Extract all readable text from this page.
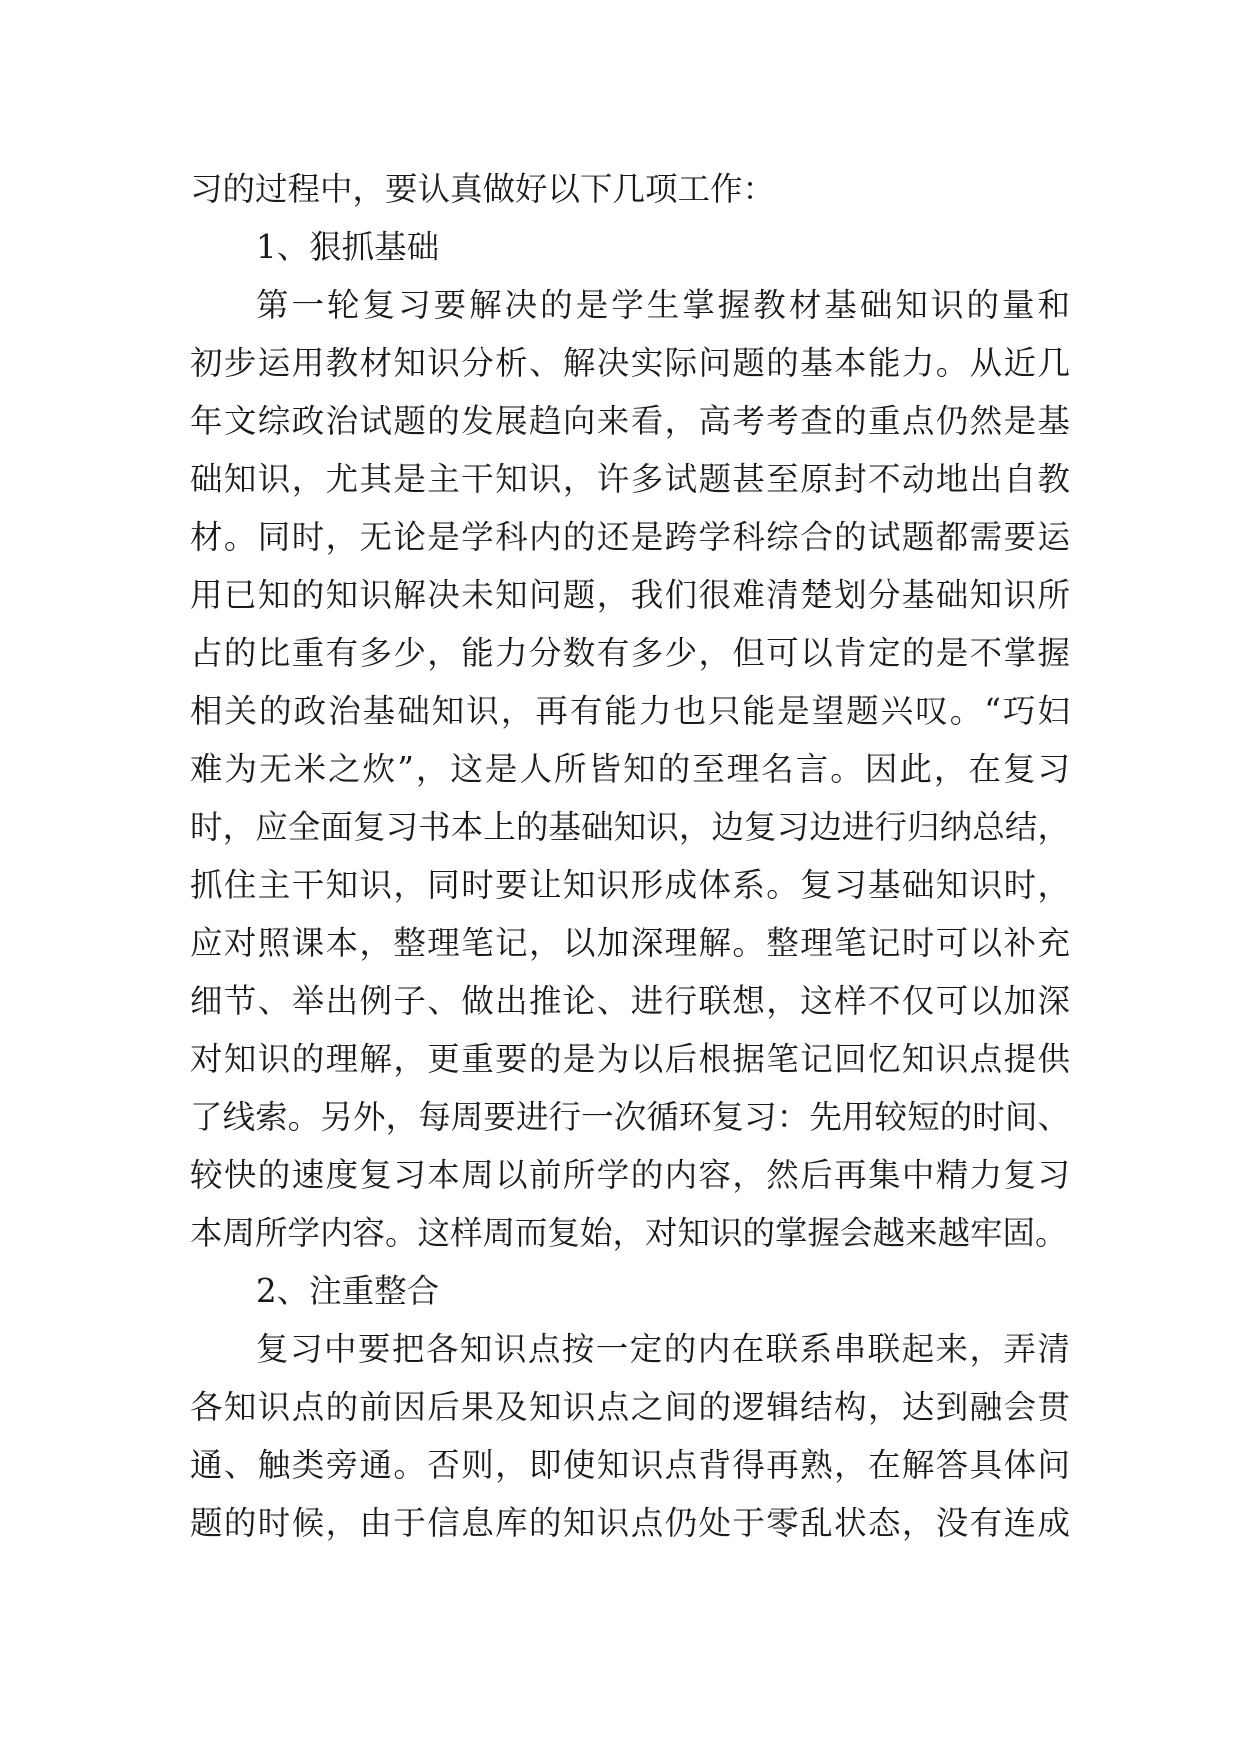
习的过程中，要认真做好以下几项工作：
1、狠抓基础
第一轮复习要解决的是学生掌握教材基础知识的量和
初步运用教材知识分析、解决实际问题的基本能力。从近几
年文综政治试题的发展趋向来看，高考考查的重点仍然是基
础知识，尤其是主干知识，许多试题甚至原封不动地出自教
材。同时，无论是学科内的还是跨学科综合的试题都需要运
用已知的知识解决未知问题，我们很难清楚划分基础知识所
占的比重有多少，能力分数有多少，但可以肯定的是不掌握
相关的政治基础知识，再有能力也只能是望题兴叹。“巧妇
难为无米之炊”，这是人所皆知的至理名言。因此，在复习
时，应全面复习书本上的基础知识，边复习边进行归纳总结，
抓住主干知识，同时要让知识形成体系。复习基础知识时，
应对照课本，整理笔记，以加深理解。整理笔记时可以补充
细节、举出例子、做出推论、进行联想，这样不仅可以加深
对知识的理解，更重要的是为以后根据笔记回忆知识点提供
了线索。另外，每周要进行一次循环复习：先用较短的时间、
较快的速度复习本周以前所学的内容，然后再集中精力复习
本周所学内容。这样周而复始，对知识的掌握会越来越牢固。
2、注重整合
复习中要把各知识点按一定的内在联系串联起来，弄清
各知识点的前因后果及知识点之间的逻辑结构，达到融会贯
通、触类旁通。否则，即使知识点背得再熟，在解答具体问
题的时候，由于信息库的知识点仍处于零乱状态，没有连成
